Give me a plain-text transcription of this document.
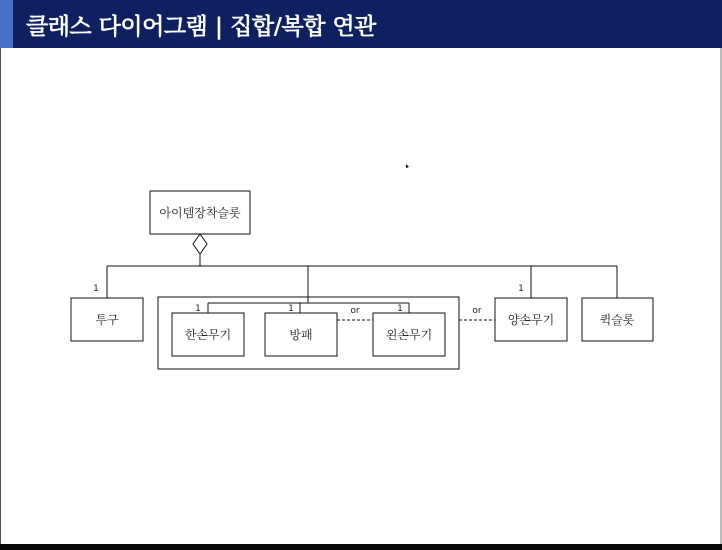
클래스 다이어그램 | 집합/복합 연관
아이템장착슬롯
투구
한손무기	방패	왼손무기
양손무기	퀵슬롯
or	or
1
1	1	1
1
